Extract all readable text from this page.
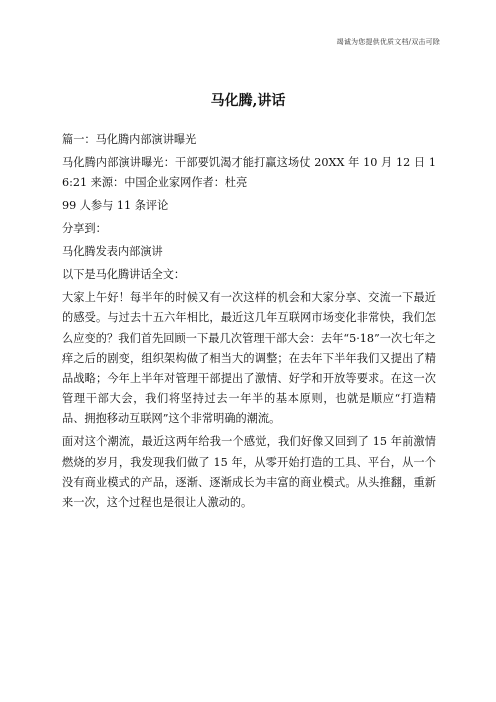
竭诚为您提供优质文档/双击可除
马化腾,讲话

篇一：马化腾内部演讲曝光

马化腾内部演讲曝光：干部要饥渴才能打赢这场仗 20XX 年 10 月 12 日 16:21 来源：中国企业家网作者：杜亮

99 人参与 11 条评论

分享到：

马化腾发表内部演讲

以下是马化腾讲话全文：

大家上午好！每半年的时候又有一次这样的机会和大家分享、交流一下最近的感受。与过去十五六年相比，最近这几年互联网市场变化非常快，我们怎么应变的？我们首先回顾一下最几次管理干部大会：去年“5·18”一次七年之痒之后的剧变，组织架构做了相当大的调整；在去年下半年我们又提出了精品战略；今年上半年对管理干部提出了激情、好学和开放等要求。在这一次管理干部大会，我们将坚持过去一年半的基本原则，也就是顺应“打造精品、拥抱移动互联网”这个非常明确的潮流。

面对这个潮流，最近这两年给我一个感觉，我们好像又回到了 15 年前激情燃烧的岁月，我发现我们做了 15 年，从零开始打造的工具、平台，从一个没有商业模式的产品，逐渐、逐渐成长为丰富的商业模式。从头推翻，重新来一次，这个过程也是很让人激动的。
